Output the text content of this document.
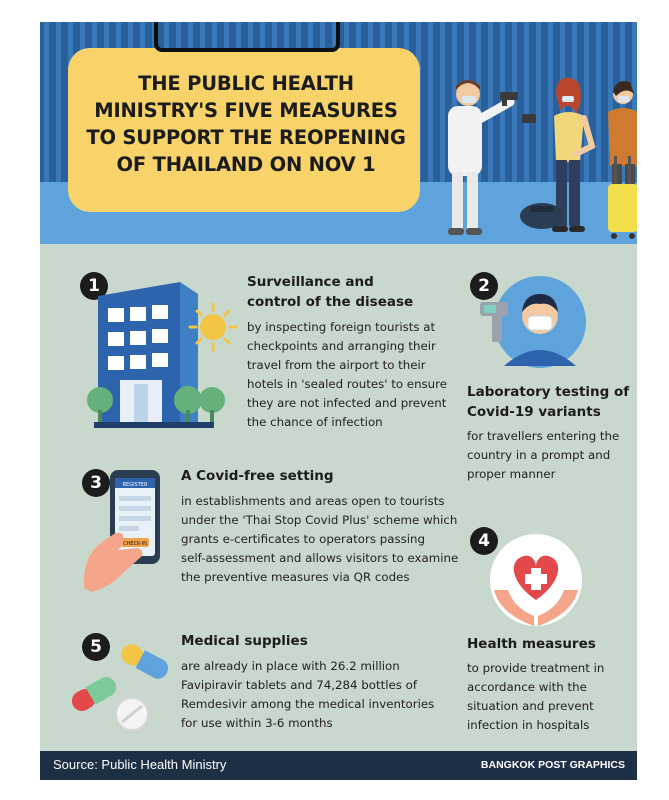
THE PUBLIC HEALTH
MINISTRY'S FIVE MEASURES
TO SUPPORT THE REOPENING
OF THAILAND ON NOV 1
1	Surveillance and
control of the disease

by inspecting foreign tourists at
checkpoints and arranging their
travel from the airport to their
hotels in 'sealed routes' to ensure
they are not infected and prevent
the chance of infection

2
Laboratory testing of
Covid-19 variants

for travellers entering the
country in a prompt and
proper manner

3	REGISTER
CHECK-IN
A Covid-free setting

in establishments and areas open to tourists
under the 'Thai Stop Covid Plus' scheme which
grants e-certificates to operators passing
self-assessment and allows visitors to examine
the preventive measures via QR codes

4
Health measures

to provide treatment in
accordance with the
situation and prevent
infection in hospitals

5	Medical supplies

are already in place with 26.2 million
Favipiravir tablets and 74,284 bottles of
Remdesivir among the medical inventories
for use within 3-6 months

Source: Public Health Ministry	BANGKOK POST GRAPHICS
